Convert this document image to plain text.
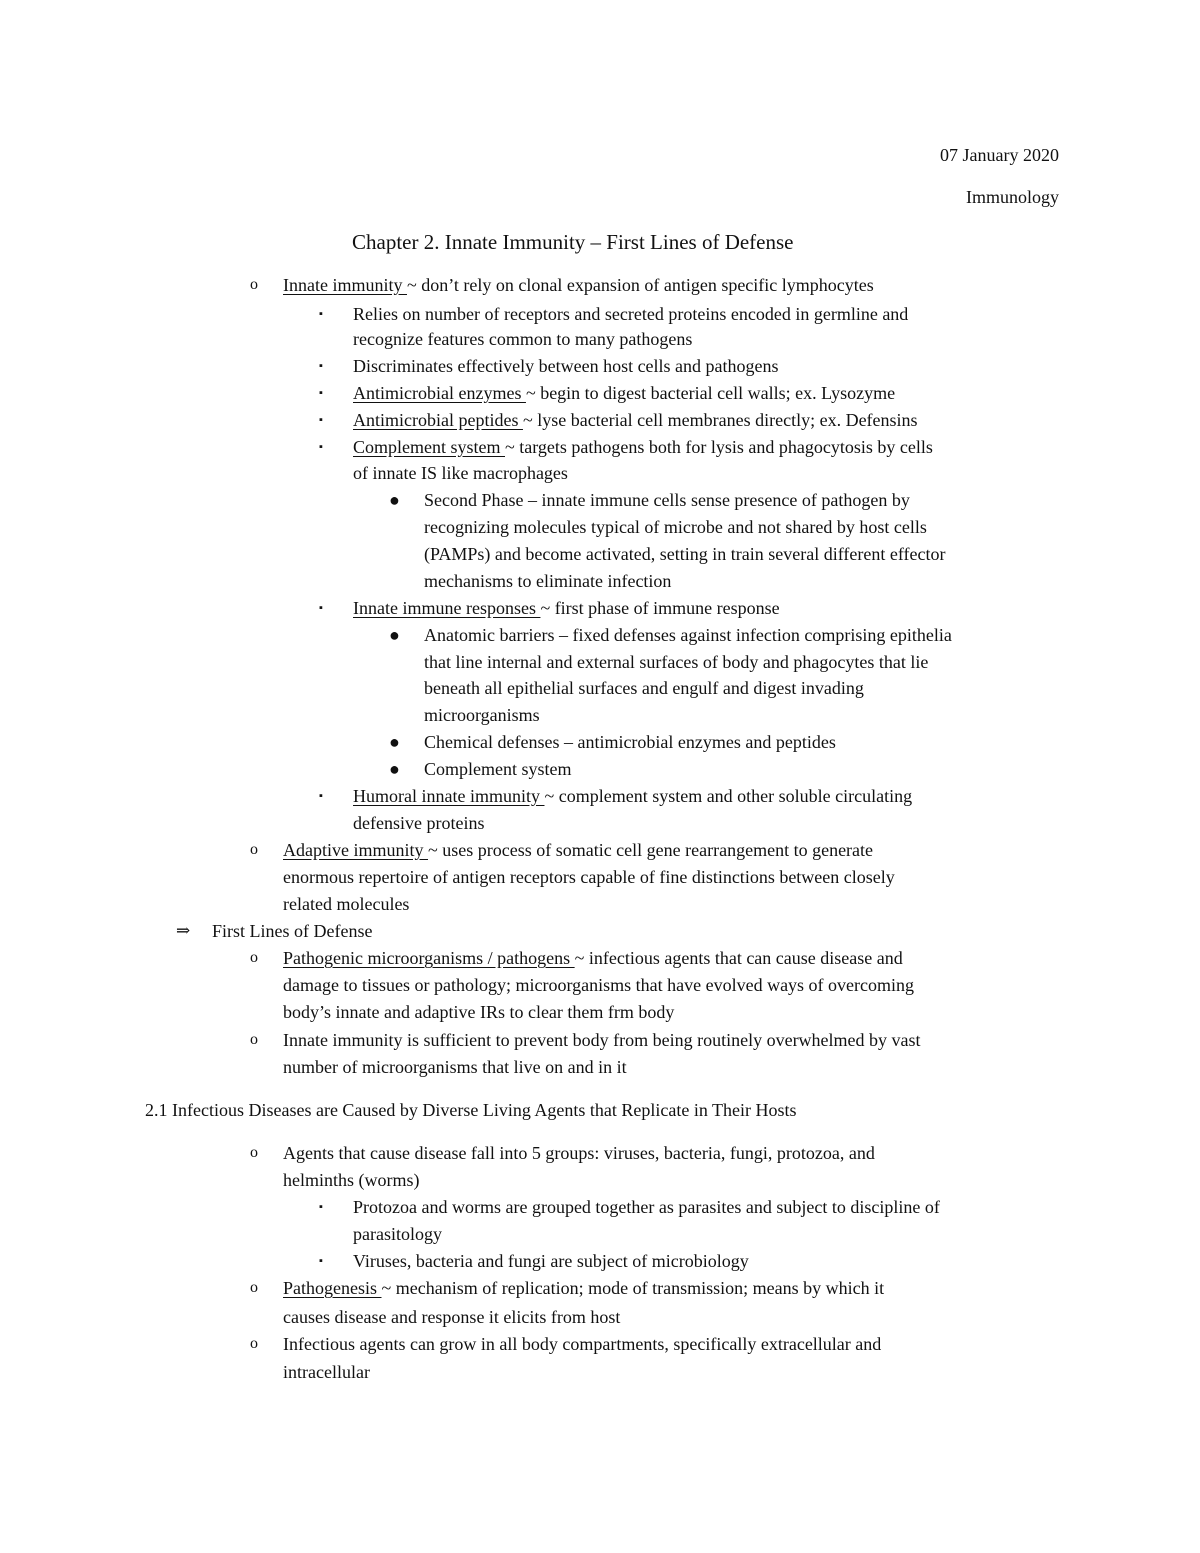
07 January 2020
Immunology
Chapter 2. Innate Immunity – First Lines of Defense
o Innate immunity ~ don’t rely on clonal expansion of antigen specific lymphocytes
▪ Relies on number of receptors and secreted proteins encoded in germline and
recognize features common to many pathogens
▪ Discriminates effectively between host cells and pathogens
▪ Antimicrobial enzymes ~ begin to digest bacterial cell walls; ex. Lysozyme
▪ Antimicrobial peptides ~ lyse bacterial cell membranes directly; ex. Defensins
▪ Complement system ~ targets pathogens both for lysis and phagocytosis by cells
of innate IS like macrophages
● Second Phase – innate immune cells sense presence of pathogen by
recognizing molecules typical of microbe and not shared by host cells
(PAMPs) and become activated, setting in train several different effector
mechanisms to eliminate infection
▪ Innate immune responses ~ first phase of immune response
● Anatomic barriers – fixed defenses against infection comprising epithelia
that line internal and external surfaces of body and phagocytes that lie
beneath all epithelial surfaces and engulf and digest invading
microorganisms
● Chemical defenses – antimicrobial enzymes and peptides
● Complement system
▪ Humoral innate immunity ~ complement system and other soluble circulating
defensive proteins
o Adaptive immunity ~ uses process of somatic cell gene rearrangement to generate
enormous repertoire of antigen receptors capable of fine distinctions between closely
related molecules
⇒ First Lines of Defense
o Pathogenic microorganisms / pathogens ~ infectious agents that can cause disease and
damage to tissues or pathology; microorganisms that have evolved ways of overcoming
body’s innate and adaptive IRs to clear them frm body
o Innate immunity is sufficient to prevent body from being routinely overwhelmed by vast
number of microorganisms that live on and in it
2.1 Infectious Diseases are Caused by Diverse Living Agents that Replicate in Their Hosts
o Agents that cause disease fall into 5 groups: viruses, bacteria, fungi, protozoa, and
helminths (worms)
▪ Protozoa and worms are grouped together as parasites and subject to discipline of
parasitology
▪ Viruses, bacteria and fungi are subject of microbiology
o Pathogenesis ~ mechanism of replication; mode of transmission; means by which it
causes disease and response it elicits from host
o Infectious agents can grow in all body compartments, specifically extracellular and
intracellular
